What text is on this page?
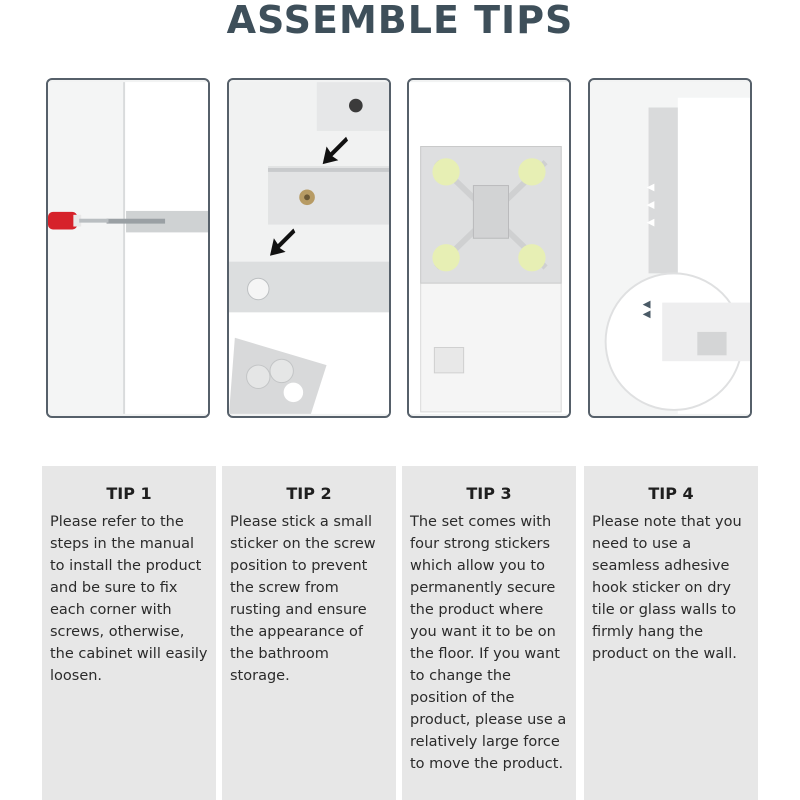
ASSEMBLE TIPS
TIP 1
Please refer to the steps in the manual to install the product and be sure to fix each corner with screws, otherwise, the cabinet will easily loosen.
TIP 2
Please stick a small sticker on the screw position to prevent the screw from rusting and ensure the appearance of the bathroom storage.
TIP 3
The set comes with four strong stickers which allow you to permanently secure the product where you want it to be on the floor. If you want to change the position of the product, please use a relatively large force to move the product.
TIP 4
Please note that you need to use a seamless adhesive hook sticker on dry tile or glass walls to firmly hang the product on the wall.
